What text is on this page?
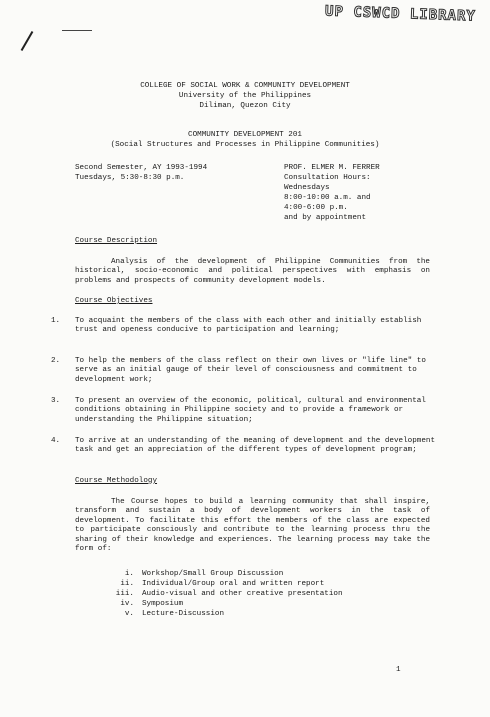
UP CSWCD LIBRARY
COLLEGE OF SOCIAL WORK & COMMUNITY DEVELOPMENT
University of the Philippines
Diliman, Quezon City
COMMUNITY DEVELOPMENT 201
(Social Structures and Processes in Philippine Communities)
Second Semester, AY 1993-1994
Tuesdays, 5:30-8:30 p.m.
PROF. ELMER M. FERRER
Consultation Hours:
Wednesdays
8:00-10:00 a.m. and
4:00-6:00 p.m.
and by appointment
Course Description
Analysis of the development of Philippine Communities from the historical, socio-economic and political perspectives with emphasis on problems and prospects of community development models.
Course Objectives
1. To acquaint the members of the class with each other and initially establish trust and openess conducive to participation and learning;
2. To help the members of the class reflect on their own lives or "life line" to serve as an initial gauge of their level of consciousness and commitment to development work;
3. To present an overview of the economic, political, cultural and environmental conditions obtaining in Philippine society and to provide a framework or understanding the Philippine situation;
4. To arrive at an understanding of the meaning of development and the development task and get an appreciation of the different types of development program;
Course Methodology
The Course hopes to build a learning community that shall inspire, transform and sustain a body of development workers in the task of development. To facilitate this effort the members of the class are expected to participate consciously and contribute to the learning process thru the sharing of their knowledge and experiences. The learning process may take the form of:
i. Workshop/Small Group Discussion
ii. Individual/Group oral and written report
iii. Audio-visual and other creative presentation
iv. Symposium
v. Lecture-Discussion
1
